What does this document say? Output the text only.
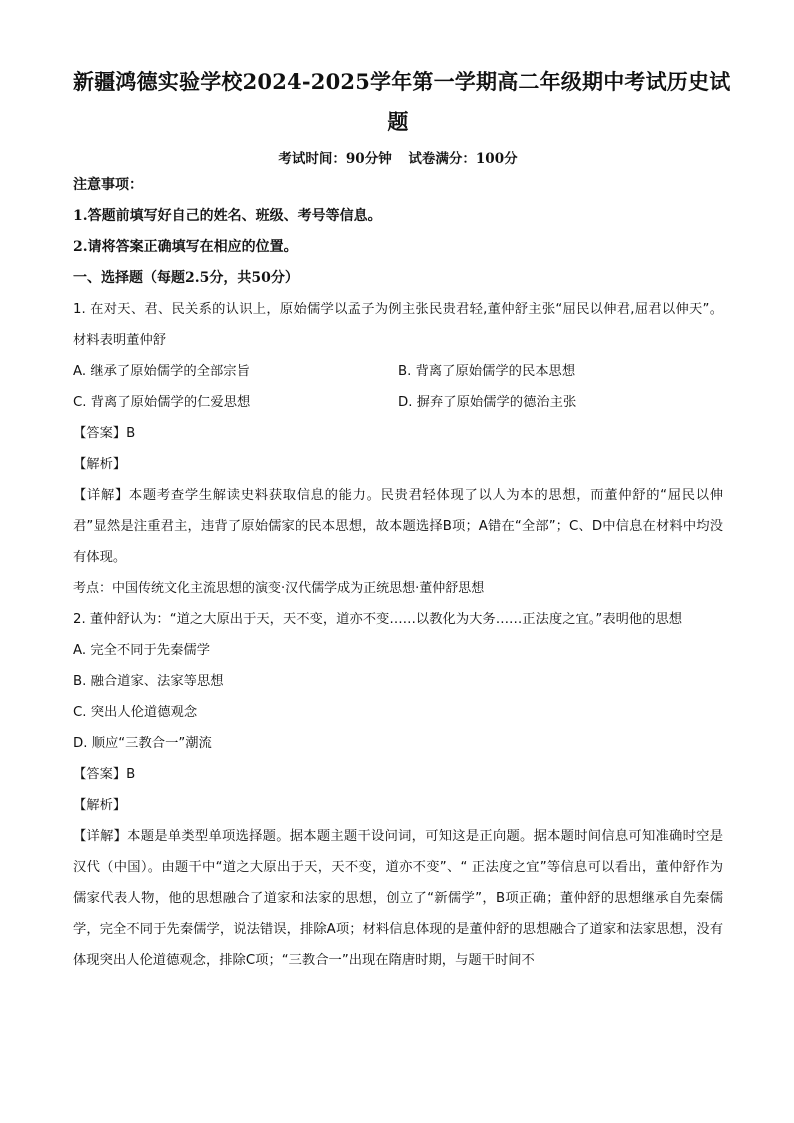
新疆鸿德实验学校2024-2025学年第一学期高二年级期中考试历史试
题
考试时间：90分钟 试卷满分：100分
注意事项：
1.答题前填写好自己的姓名、班级、考号等信息。
2.请将答案正确填写在相应的位置。
一、选择题（每题2.5分，共50分）

1. 在对天、君、民关系的认识上，原始儒学以孟子为例主张民贵君轻,董仲舒主张“屈民以伸君,屈君以伸天”。材料表明董仲舒

A. 继承了原始儒学的全部宗旨	B. 背离了原始儒学的民本思想
C. 背离了原始儒学的仁爱思想	D. 摒弃了原始儒学的德治主张
【答案】B
【解析】

【详解】本题考查学生解读史料获取信息的能力。民贵君轻体现了以人为本的思想，而董仲舒的“屈民以伸君”显然是注重君主，违背了原始儒家的民本思想，故本题选择B项；A错在“全部”；C、D中信息在材料中均没有体现。

考点：中国传统文化主流思想的演变·汉代儒学成为正统思想·董仲舒思想

2. 董仲舒认为：“道之大原出于天，天不变，道亦不变……以教化为大务……正法度之宜。”表明他的思想

A. 完全不同于先秦儒学
B. 融合道家、法家等思想
C. 突出人伦道德观念
D. 顺应“三教合一”潮流
【答案】B
【解析】

【详解】本题是单类型单项选择题。据本题主题干设问词，可知这是正向题。据本题时间信息可知准确时空是汉代（中国）。由题干中“道之大原出于天，天不变，道亦不变”、“ 正法度之宜”等信息可以看出，董仲舒作为儒家代表人物，他的思想融合了道家和法家的思想，创立了“新儒学”，B项正确；董仲舒的思想继承自先秦儒学，完全不同于先秦儒学，说法错误，排除A项；材料信息体现的是董仲舒的思想融合了道家和法家思想，没有体现突出人伦道德观念，排除C项；“三教合一”出现在隋唐时期，与题干时间不
